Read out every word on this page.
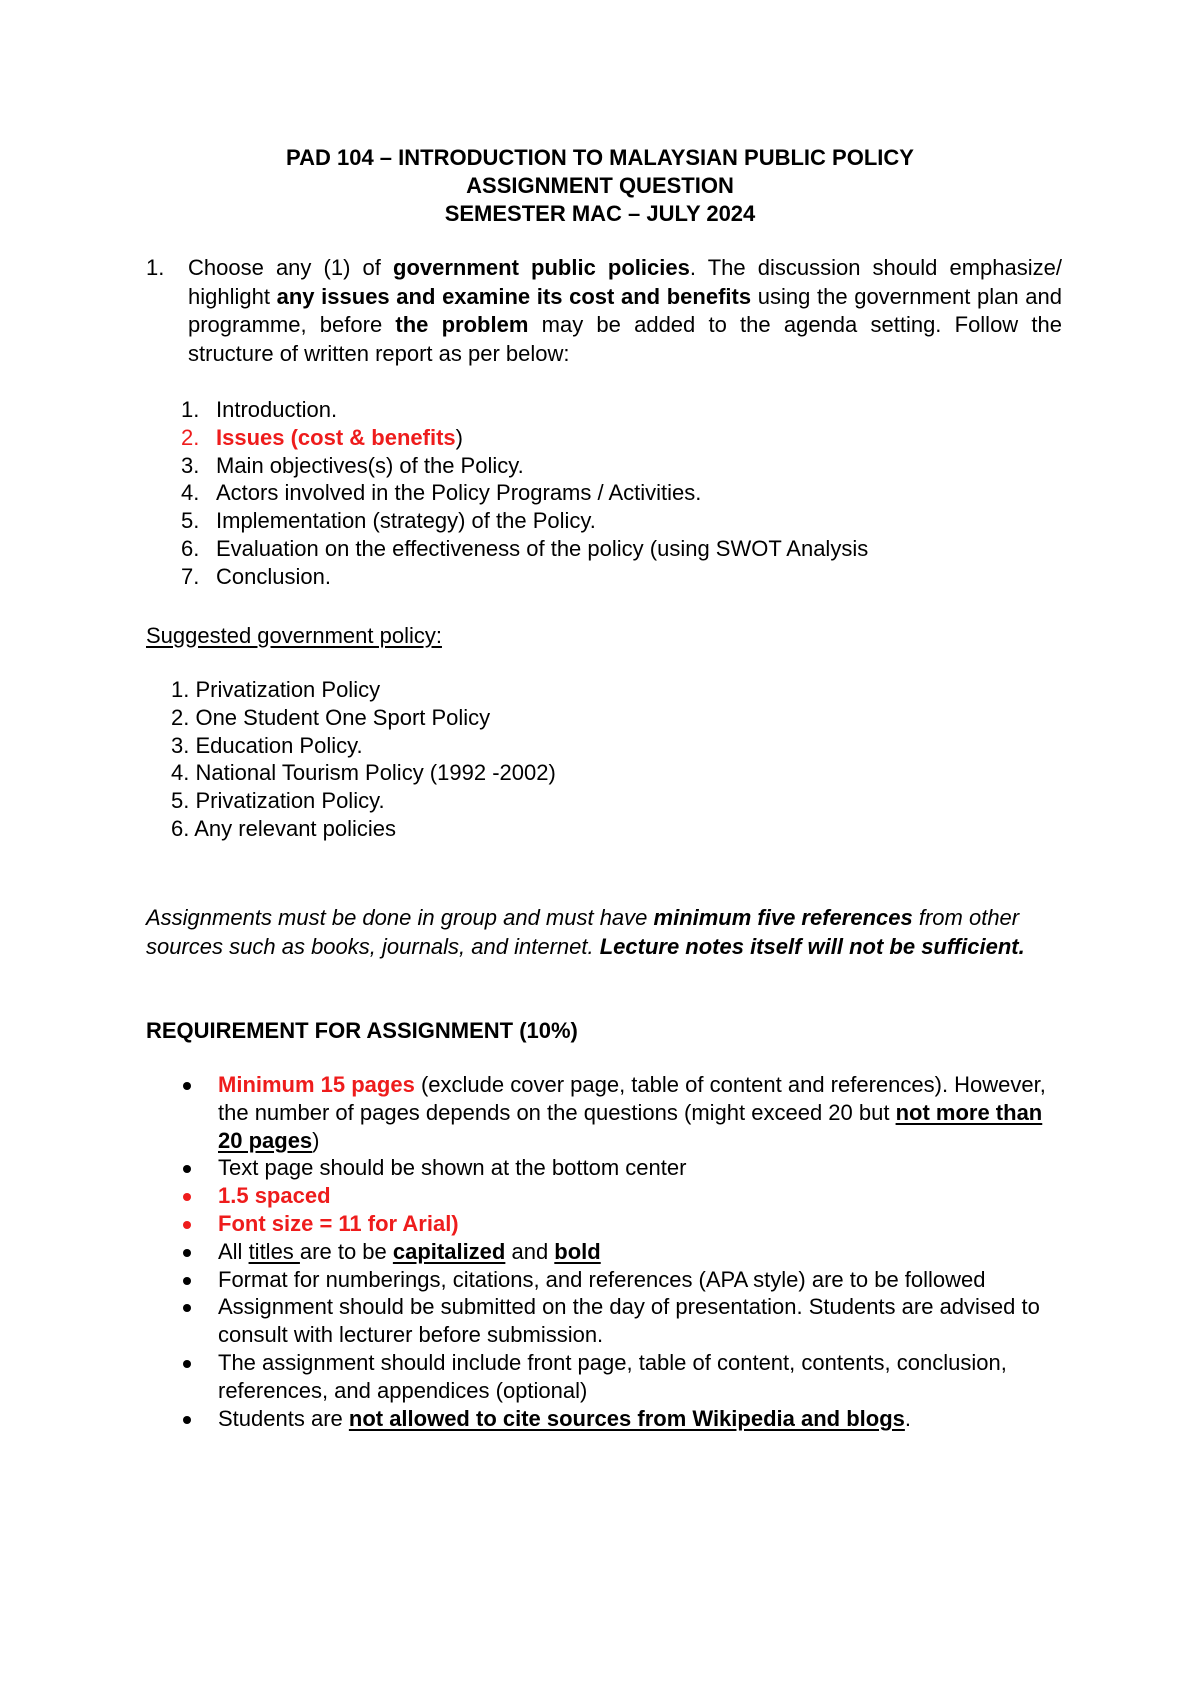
PAD 104 – INTRODUCTION TO MALAYSIAN PUBLIC POLICY
ASSIGNMENT QUESTION
SEMESTER MAC – JULY 2024
1. Choose any (1) of government public policies. The discussion should emphasize/ highlight any issues and examine its cost and benefits using the government plan and programme, before the problem may be added to the agenda setting. Follow the structure of written report as per below:
1. Introduction.
2. Issues (cost & benefits)
3. Main objectives(s) of the Policy.
4. Actors involved in the Policy Programs / Activities.
5. Implementation (strategy) of the Policy.
6. Evaluation on the effectiveness of the policy (using SWOT Analysis
7. Conclusion.
Suggested government policy:
1. Privatization Policy
2. One Student One Sport Policy
3. Education Policy.
4. National Tourism Policy (1992 -2002)
5. Privatization Policy.
6. Any relevant policies
Assignments must be done in group and must have minimum five references from other sources such as books, journals, and internet. Lecture notes itself will not be sufficient.
REQUIREMENT FOR ASSIGNMENT (10%)
Minimum 15 pages (exclude cover page, table of content and references). However, the number of pages depends on the questions (might exceed 20 but not more than 20 pages)
Text page should be shown at the bottom center
1.5 spaced
Font size = 11 for Arial)
All titles are to be capitalized and bold
Format for numberings, citations, and references (APA style) are to be followed
Assignment should be submitted on the day of presentation. Students are advised to consult with lecturer before submission.
The assignment should include front page, table of content, contents, conclusion, references, and appendices (optional)
Students are not allowed to cite sources from Wikipedia and blogs.
